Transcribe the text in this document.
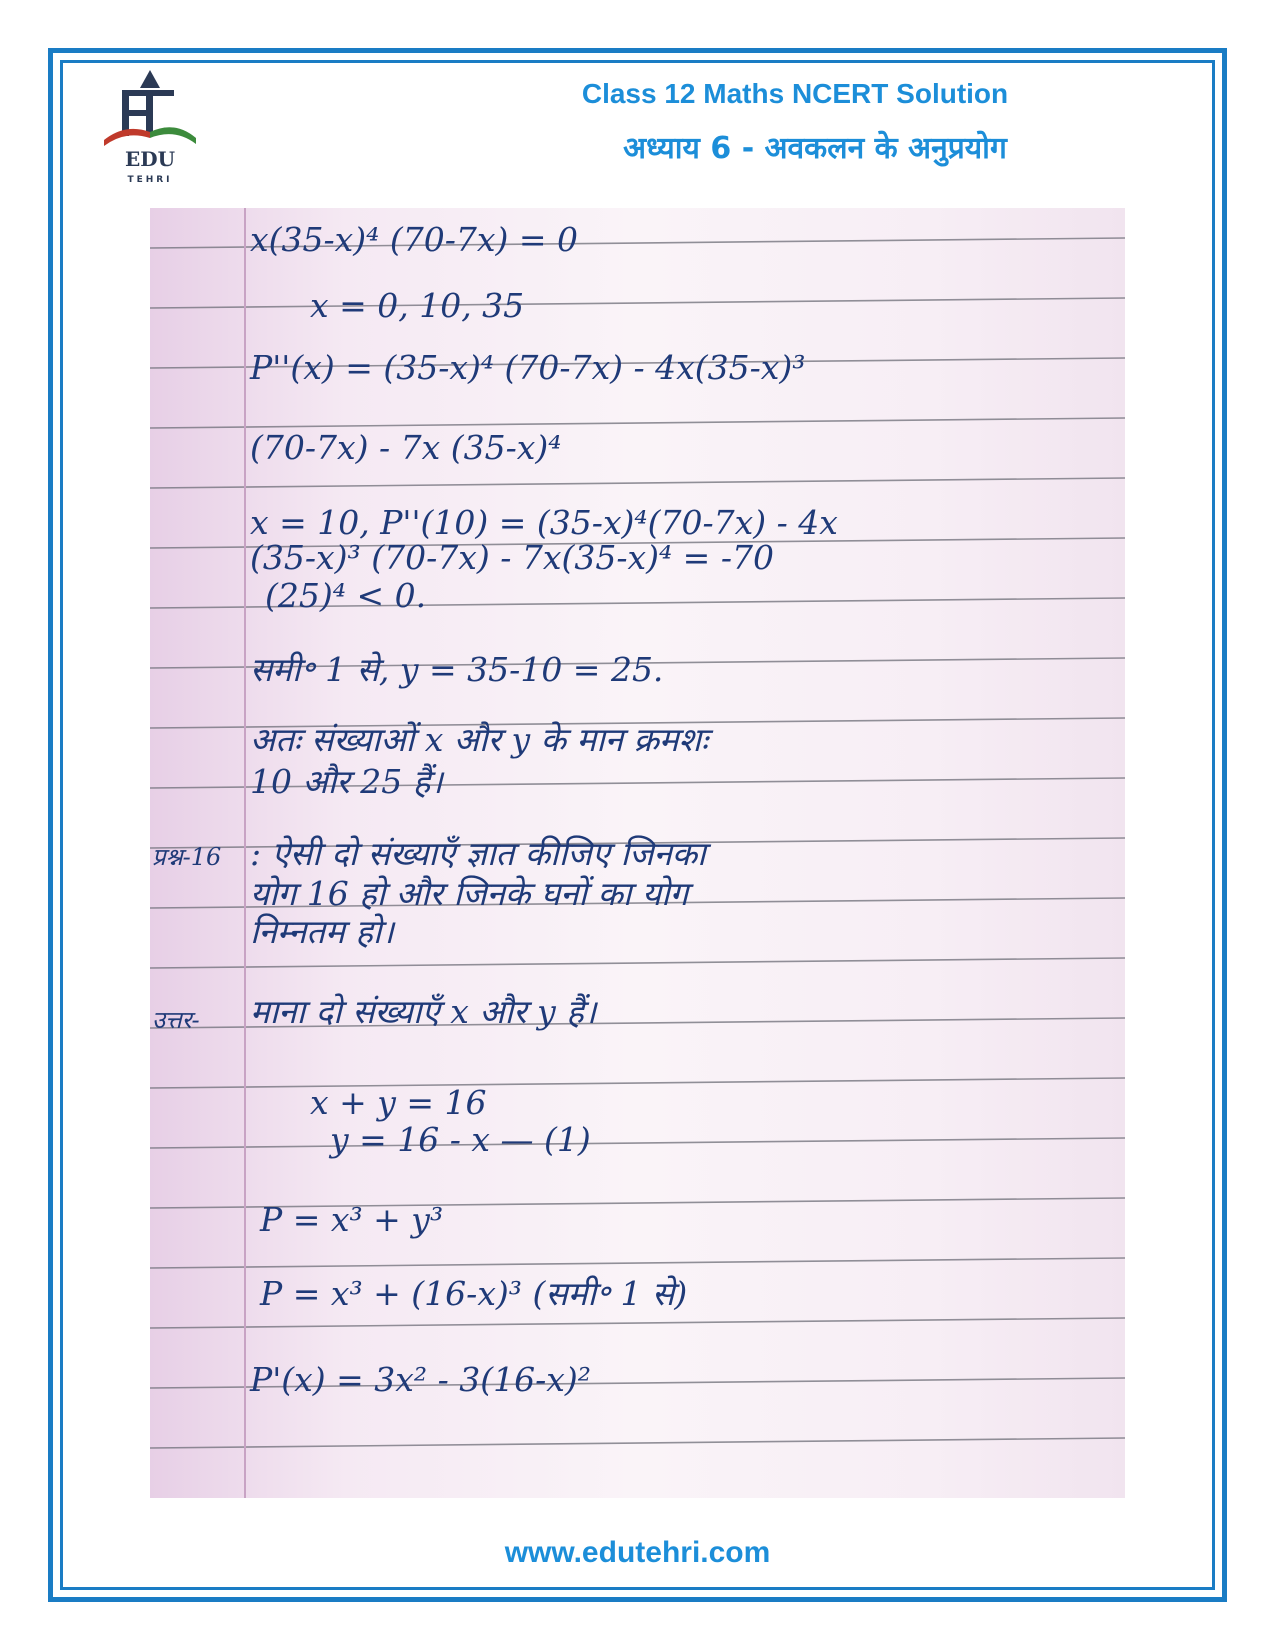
EDU
TEHRI
Class 12 Maths NCERT Solution
अध्याय 6 - अवकलन के अनुप्रयोग
x(35-x)⁴ (70-7x) = 0
x = 0, 10, 35
P''(x) = (35-x)⁴ (70-7x) - 4x(35-x)³
(70-7x) - 7x (35-x)⁴
x = 10, P''(10) = (35-x)⁴(70-7x) - 4x
(35-x)³ (70-7x) - 7x(35-x)⁴ = -70
(25)⁴ < 0.
समी॰ 1 से, y = 35-10 = 25.
अतः संख्याओं x और y के मान क्रमशः
10 और 25 हैं।
प्रश्न-16 : ऐसी दो संख्याएँ ज्ञात कीजिए जिनका
योग 16 हो और जिनके घनों का योग
निम्नतम हो।
उत्तर- माना दो संख्याएँ x और y हैं।
x + y = 16
y = 16 - x — (1)
P = x³ + y³
P = x³ + (16-x)³ (समी॰ 1 से)
P'(x) = 3x² - 3(16-x)²
www.edutehri.com
